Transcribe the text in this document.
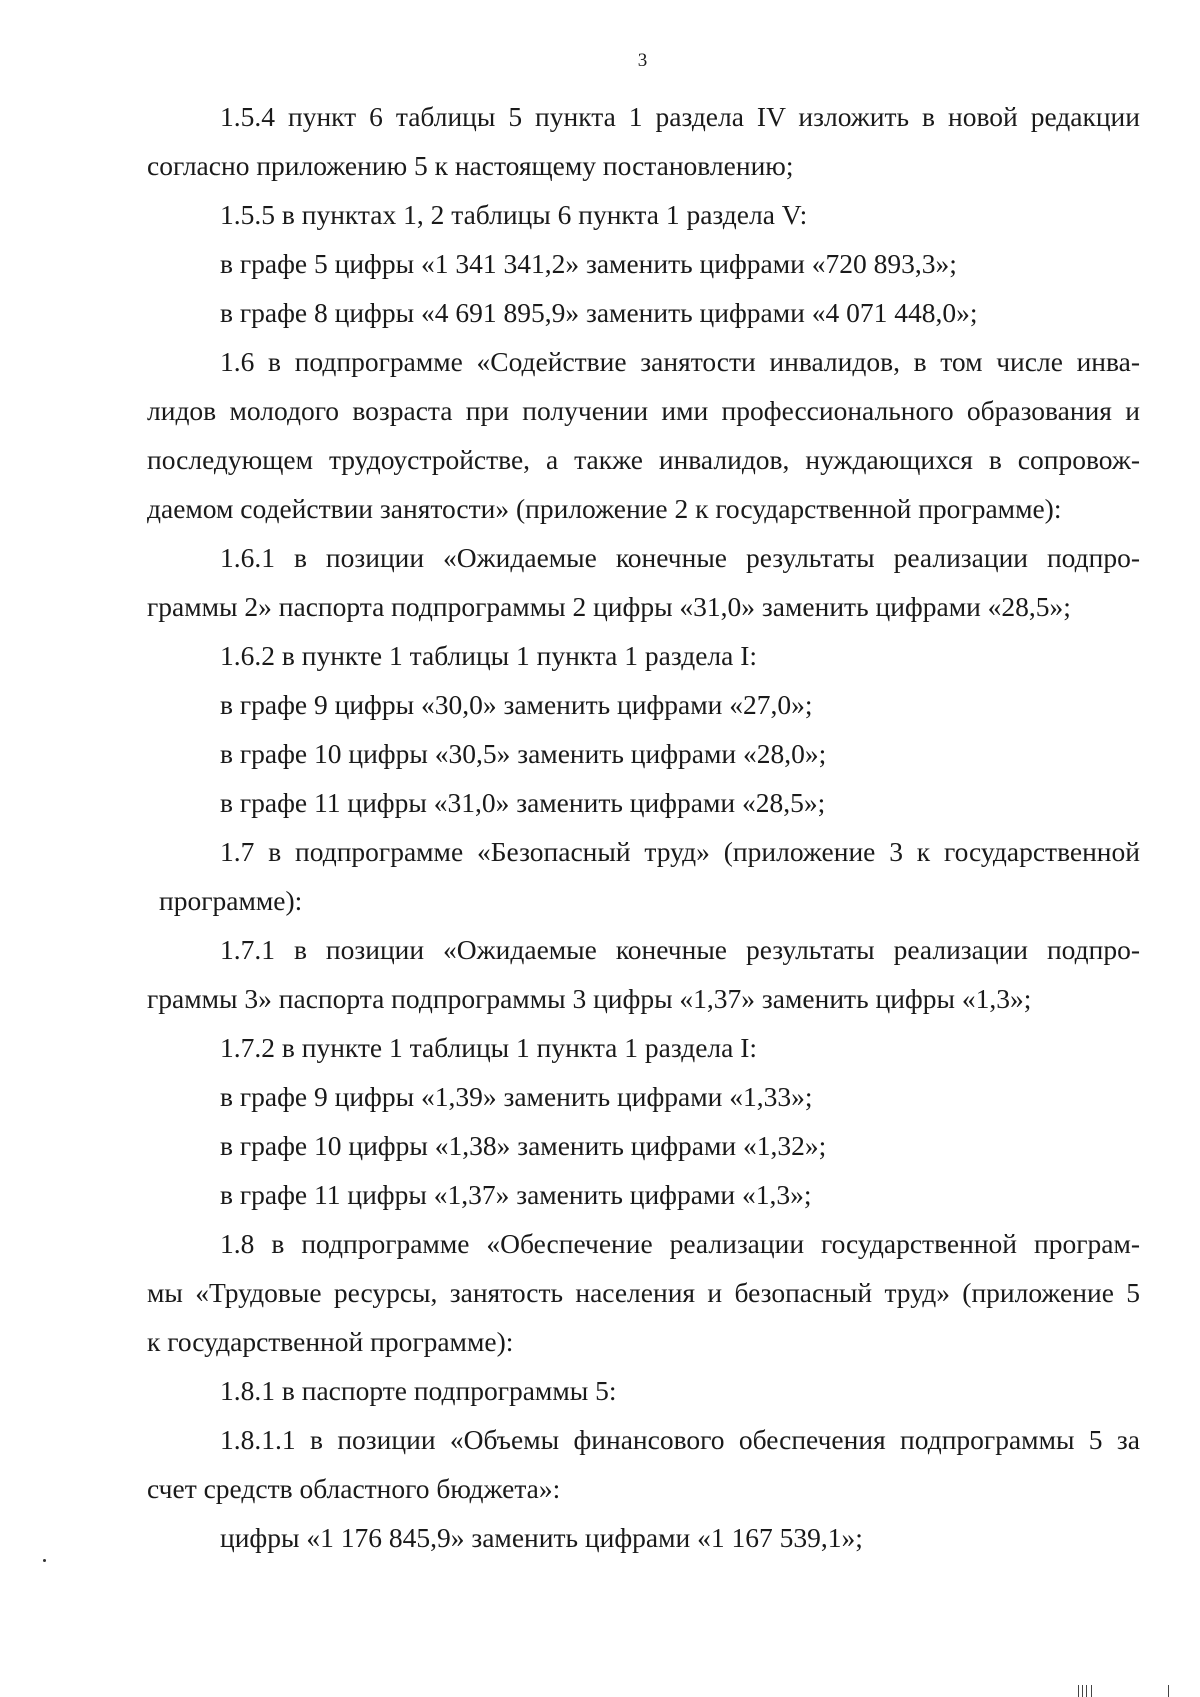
3
1.5.4 пункт 6 таблицы 5 пункта 1 раздела IV изложить в новой редакции
согласно приложению 5 к настоящему постановлению;
1.5.5 в пунктах 1, 2 таблицы 6 пункта 1 раздела V:
в графе 5 цифры «1 341 341,2» заменить цифрами «720 893,3»;
в графе 8 цифры «4 691 895,9» заменить цифрами «4 071 448,0»;
1.6 в подпрограмме «Содействие занятости инвалидов, в том числе инва-
лидов молодого возраста при получении ими профессионального образования и
последующем трудоустройстве, а также инвалидов, нуждающихся в сопровож-
даемом содействии занятости» (приложение 2 к государственной программе):
1.6.1 в позиции «Ожидаемые конечные результаты реализации подпро-
граммы 2» паспорта подпрограммы 2 цифры «31,0» заменить цифрами «28,5»;
1.6.2 в пункте 1 таблицы 1 пункта 1 раздела I:
в графе 9 цифры «30,0» заменить цифрами «27,0»;
в графе 10 цифры «30,5» заменить цифрами «28,0»;
в графе 11 цифры «31,0» заменить цифрами «28,5»;
1.7 в подпрограмме «Безопасный труд» (приложение 3 к государственной
программе):
1.7.1 в позиции «Ожидаемые конечные результаты реализации подпро-
граммы 3» паспорта подпрограммы 3 цифры «1,37» заменить цифры «1,3»;
1.7.2 в пункте 1 таблицы 1 пункта 1 раздела I:
в графе 9 цифры «1,39» заменить цифрами «1,33»;
в графе 10 цифры «1,38» заменить цифрами «1,32»;
в графе 11 цифры «1,37» заменить цифрами «1,3»;
1.8 в подпрограмме «Обеспечение реализации государственной програм-
мы «Трудовые ресурсы, занятость населения и безопасный труд» (приложение 5
к государственной программе):
1.8.1 в паспорте подпрограммы 5:
1.8.1.1 в позиции «Объемы финансового обеспечения подпрограммы 5 за
счет средств областного бюджета»:
цифры «1 176 845,9» заменить цифрами «1 167 539,1»;
